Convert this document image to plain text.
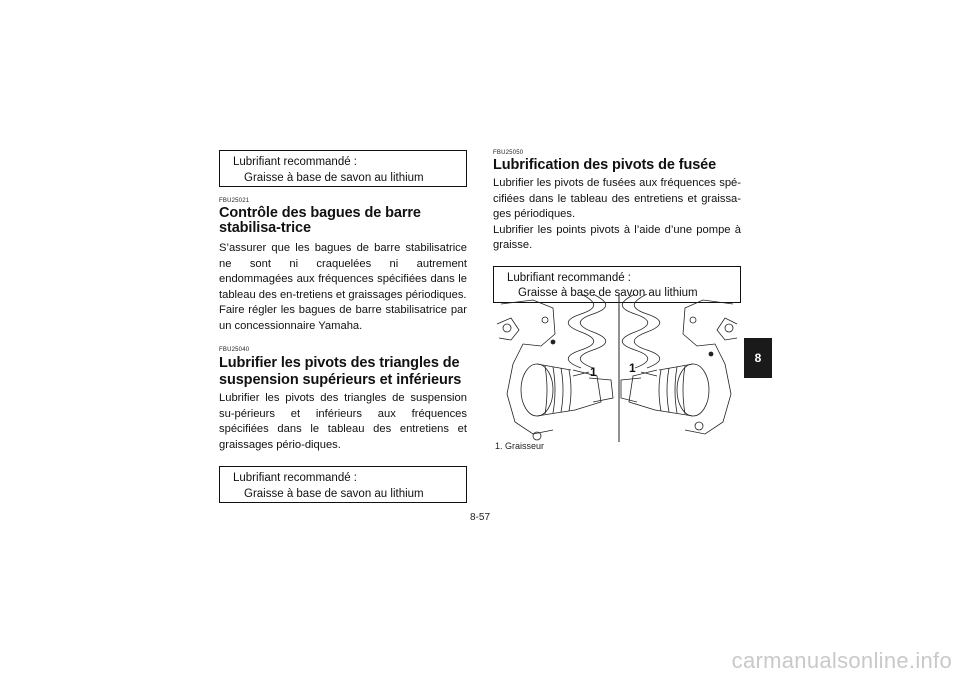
Lubrifiant recommandé :
Graisse à base de savon au lithium
FBU25021
Contrôle des bagues de barre stabilisa-trice

S’assurer que les bagues de barre stabilisatrice ne sont ni craquelées ni autrement endommagées aux fréquences spécifiées dans le tableau des en-tretiens et graissages périodiques.

Faire régler les bagues de barre stabilisatrice par un concessionnaire Yamaha.

FBU25040
Lubrifier les pivots des triangles de suspension supérieurs et inférieurs

Lubrifier les pivots des triangles de suspension su-périeurs et inférieurs aux fréquences spécifiées dans le tableau des entretiens et graissages pério-diques.

Lubrifiant recommandé :
Graisse à base de savon au lithium
FBU25050
Lubrification des pivots de fusée

Lubrifier les pivots de fusées aux fréquences spé-cifiées dans le tableau des entretiens et graissa-ges périodiques.

Lubrifier les points pivots à l’aide d’une pompe à graisse.

Lubrifiant recommandé :
Graisse à base de savon au lithium
1	1
1. Graisseur
8
8-57
carmanualsonline.info
